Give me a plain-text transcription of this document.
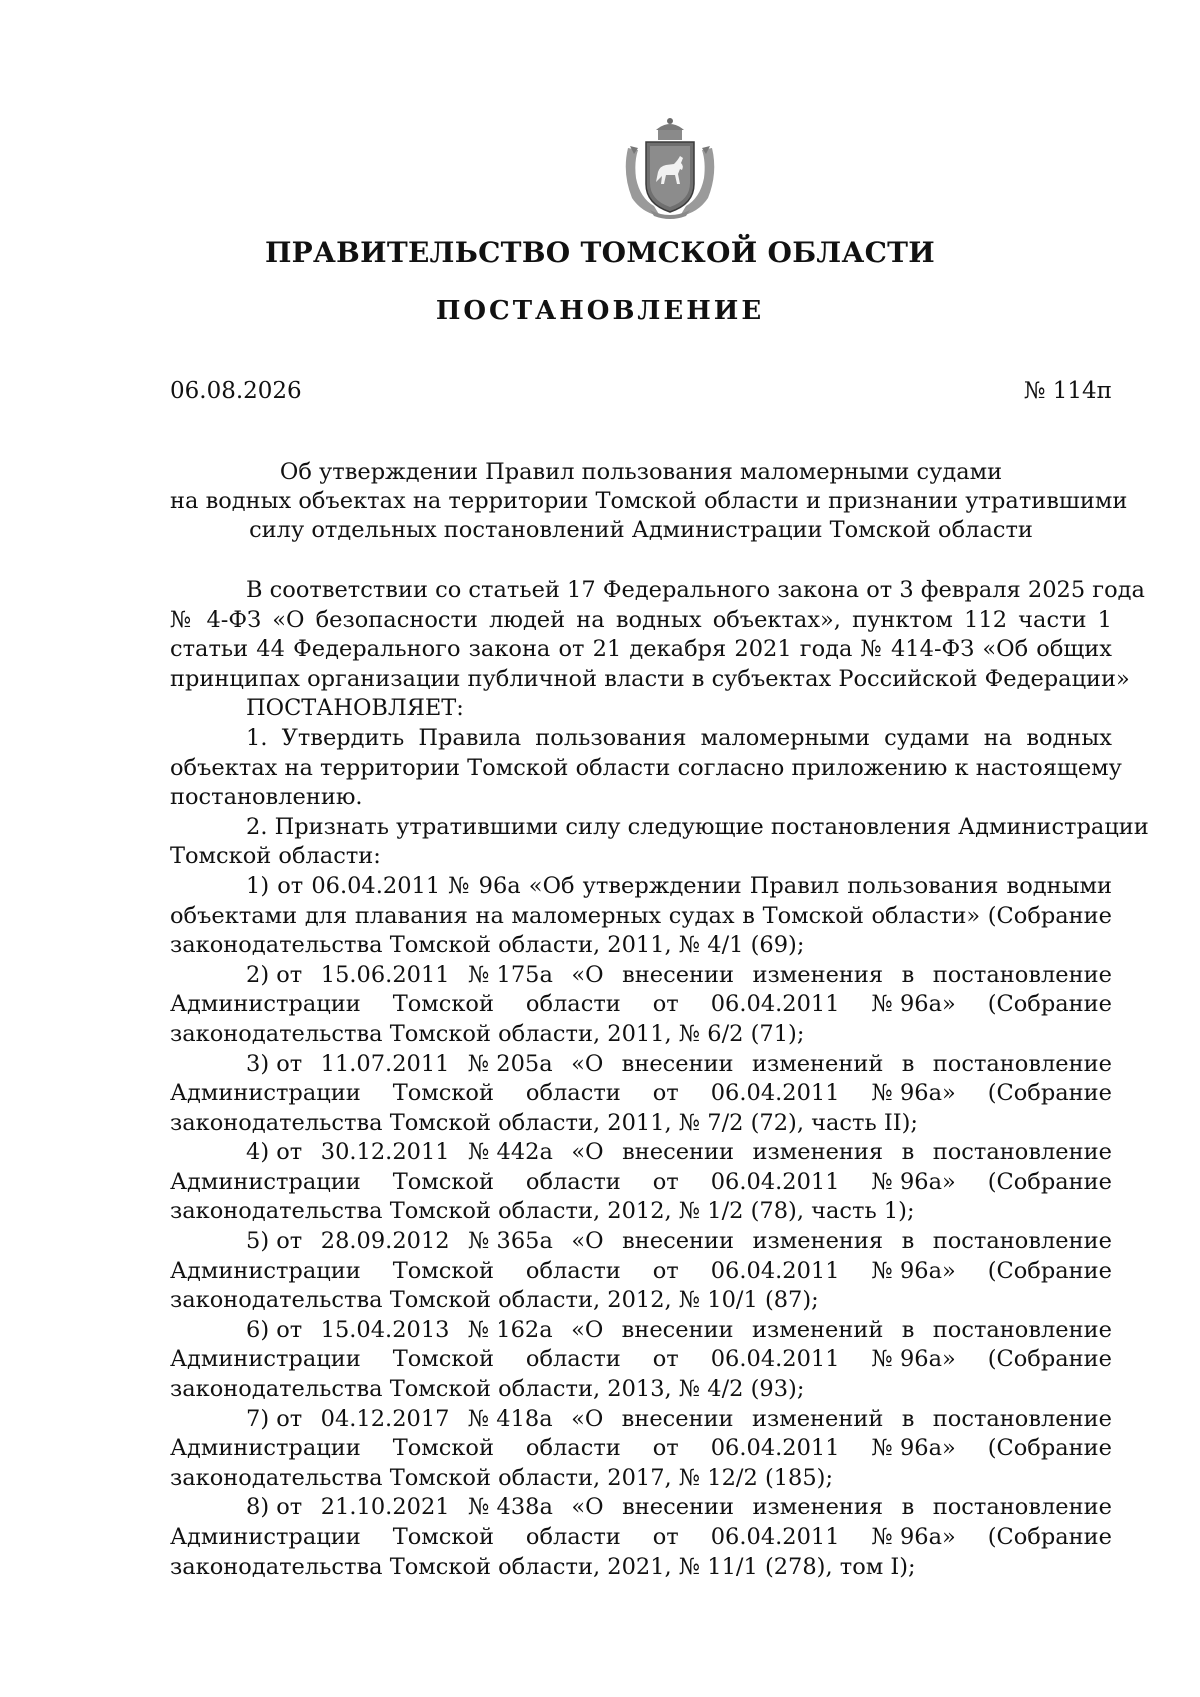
ПРАВИТЕЛЬСТВО ТОМСКОЙ ОБЛАСТИ
ПОСТАНОВЛЕНИЕ
06.08.2026	№ 114п
Об утверждении Правил пользования маломерными судами
на водных объектах на территории Томской области и признании утратившими
силу отдельных постановлений Администрации Томской области
В соответствии со статьей 17 Федерального закона от 3 февраля 2025 года
№ 4-ФЗ «О безопасности людей на водных объектах», пунктом 112 части 1
статьи 44 Федерального закона от 21 декабря 2021 года № 414-ФЗ «Об общих
принципах организации публичной власти в субъектах Российской Федерации»
ПОСТАНОВЛЯЕТ:
1. Утвердить Правила пользования маломерными судами на водных
объектах на территории Томской области согласно приложению к настоящему
постановлению.
2. Признать утратившими силу следующие постановления Администрации
Томской области:
1) от 06.04.2011 № 96а «Об утверждении Правил пользования водными
объектами для плавания на маломерных судах в Томской области» (Собрание
законодательства Томской области, 2011, № 4/1 (69);
2) от 15.06.2011 № 175а «О внесении изменения в постановление
Администрации Томской области от 06.04.2011 № 96а» (Собрание
законодательства Томской области, 2011, № 6/2 (71);
3) от 11.07.2011 № 205а «О внесении изменений в постановление
Администрации Томской области от 06.04.2011 № 96а» (Собрание
законодательства Томской области, 2011, № 7/2 (72), часть II);
4) от 30.12.2011 № 442а «О внесении изменения в постановление
Администрации Томской области от 06.04.2011 № 96а» (Собрание
законодательства Томской области, 2012, № 1/2 (78), часть 1);
5) от 28.09.2012 № 365а «О внесении изменения в постановление
Администрации Томской области от 06.04.2011 № 96а» (Собрание
законодательства Томской области, 2012, № 10/1 (87);
6) от 15.04.2013 № 162а «О внесении изменений в постановление
Администрации Томской области от 06.04.2011 № 96а» (Собрание
законодательства Томской области, 2013, № 4/2 (93);
7) от 04.12.2017 № 418а «О внесении изменений в постановление
Администрации Томской области от 06.04.2011 № 96а» (Собрание
законодательства Томской области, 2017, № 12/2 (185);
8) от 21.10.2021 № 438а «О внесении изменения в постановление
Администрации Томской области от 06.04.2011 № 96а» (Собрание
законодательства Томской области, 2021, № 11/1 (278), том I);
